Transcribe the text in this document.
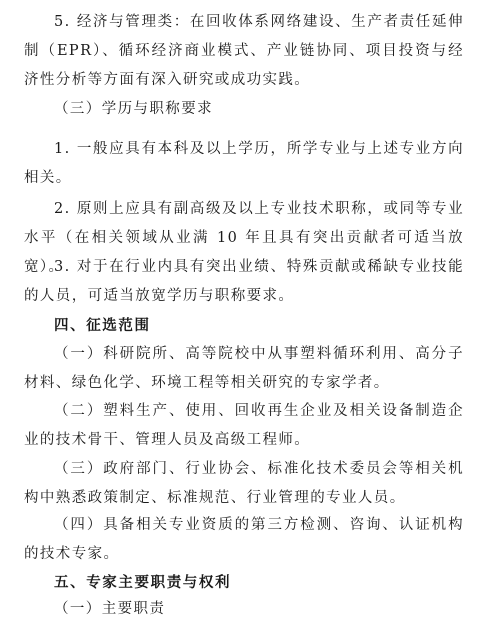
5. 经济与管理类：在回收体系网络建设、生产者责任延伸制（EPR）、循环经济商业模式、产业链协同、项目投资与经济性分析等方面有深入研究或成功实践。

（三）学历与职称要求

1. 一般应具有本科及以上学历，所学专业与上述专业方向相关。

2. 原则上应具有副高级及以上专业技术职称，或同等专业水平（在相关领域从业满 10 年且具有突出贡献者可适当放宽）。

3. 对于在行业内具有突出业绩、特殊贡献或稀缺专业技能的人员，可适当放宽学历与职称要求。

四、征选范围

（一）科研院所、高等院校中从事塑料循环利用、高分子材料、绿色化学、环境工程等相关研究的专家学者。

（二）塑料生产、使用、回收再生企业及相关设备制造企业的技术骨干、管理人员及高级工程师。

（三）政府部门、行业协会、标准化技术委员会等相关机构中熟悉政策制定、标准规范、行业管理的专业人员。

（四）具备相关专业资质的第三方检测、咨询、认证机构的技术专家。

五、专家主要职责与权利

（一）主要职责
